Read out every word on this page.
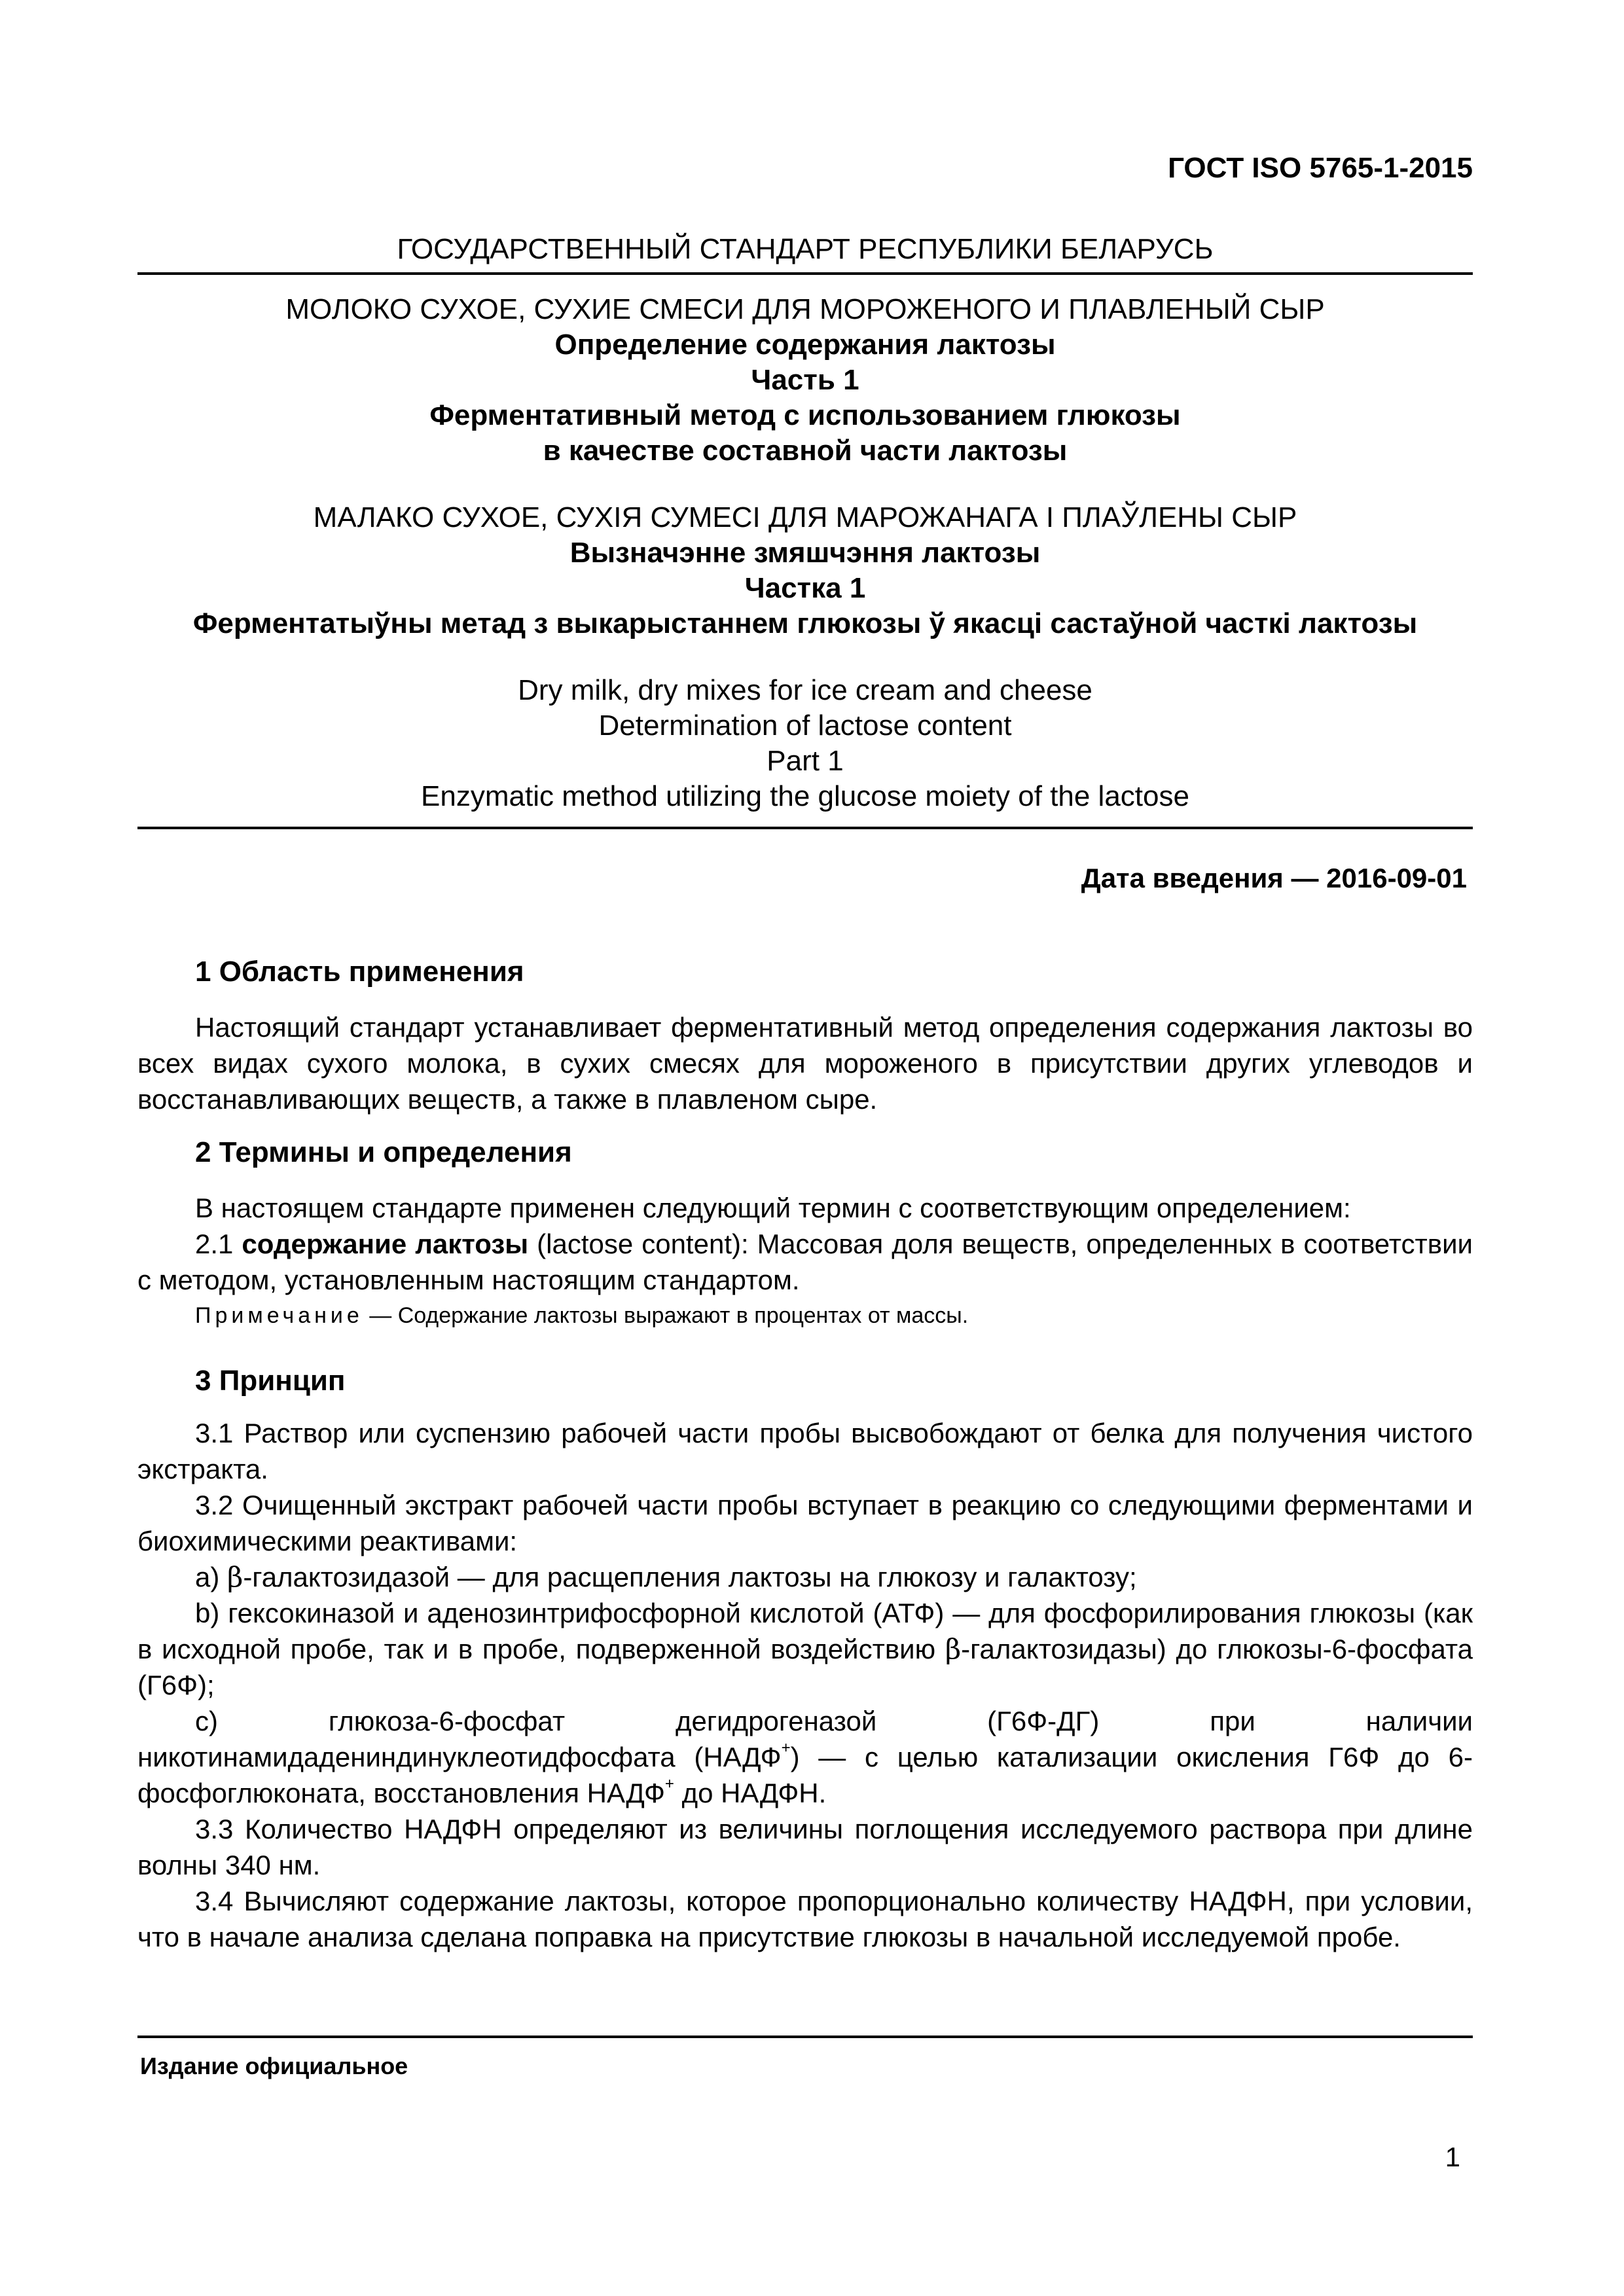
ГОСТ ISO 5765-1-2015
ГОСУДАРСТВЕННЫЙ СТАНДАРТ РЕСПУБЛИКИ БЕЛАРУСЬ
МОЛОКО СУХОЕ, СУХИЕ СМЕСИ ДЛЯ МОРОЖЕНОГО И ПЛАВЛЕНЫЙ СЫР
Определение содержания лактозы
Часть 1
Ферментативный метод с использованием глюкозы
в качестве составной части лактозы
МАЛАКО СУХОЕ, СУХІЯ СУМЕСІ ДЛЯ МАРОЖАНАГА І ПЛАЎЛЕНЫ СЫР
Вызначэнне змяшчэння лактозы
Частка 1
Ферментатыўны метад з выкарыстаннем глюкозы ў якасці састаўной часткі лактозы
Dry milk, dry mixes for ice cream and cheese
Determination of lactose content
Part 1
Enzymatic method utilizing the glucose moiety of the lactose
Дата введения — 2016-09-01
1 Область применения

Настоящий стандарт устанавливает ферментативный метод определения содержания лактозы во всех видах сухого молока, в сухих смесях для мороженого в присутствии других углеводов и восстанавливающих веществ, а также в плавленом сыре.

2 Термины и определения

В настоящем стандарте применен следующий термин с соответствующим определением:

2.1 содержание лактозы (lactose content): Массовая доля веществ, определенных в соответствии с методом, установленным настоящим стандартом.

Примечание — Содержание лактозы выражают в процентах от массы.

3 Принцип

3.1 Раствор или суспензию рабочей части пробы высвобождают от белка для получения чистого экстракта.

3.2 Очищенный экстракт рабочей части пробы вступает в реакцию со следующими ферментами и биохимическими реактивами:

a) β-галактозидазой — для расщепления лактозы на глюкозу и галактозу;

b) гексокиназой и аденозинтрифосфорной кислотой (АТФ) — для фосфорилирования глюкозы (как в исходной пробе, так и в пробе, подверженной воздействию β-галактозидазы) до глюкозы-6-фосфата (Г6Ф);

c) глюкоза-6-фосфат дегидрогеназой (Г6Ф-ДГ) при наличии никотинамидадениндинуклеотидфосфата (НАДФ+) — с целью катализации окисления Г6Ф до 6-фосфоглюконата, восстановления НАДФ+ до НАДФН.

3.3 Количество НАДФН определяют из величины поглощения исследуемого раствора при длине волны 340 нм.

3.4 Вычисляют содержание лактозы, которое пропорционально количеству НАДФН, при условии, что в начале анализа сделана поправка на присутствие глюкозы в начальной исследуемой пробе.

Издание официальное
1
